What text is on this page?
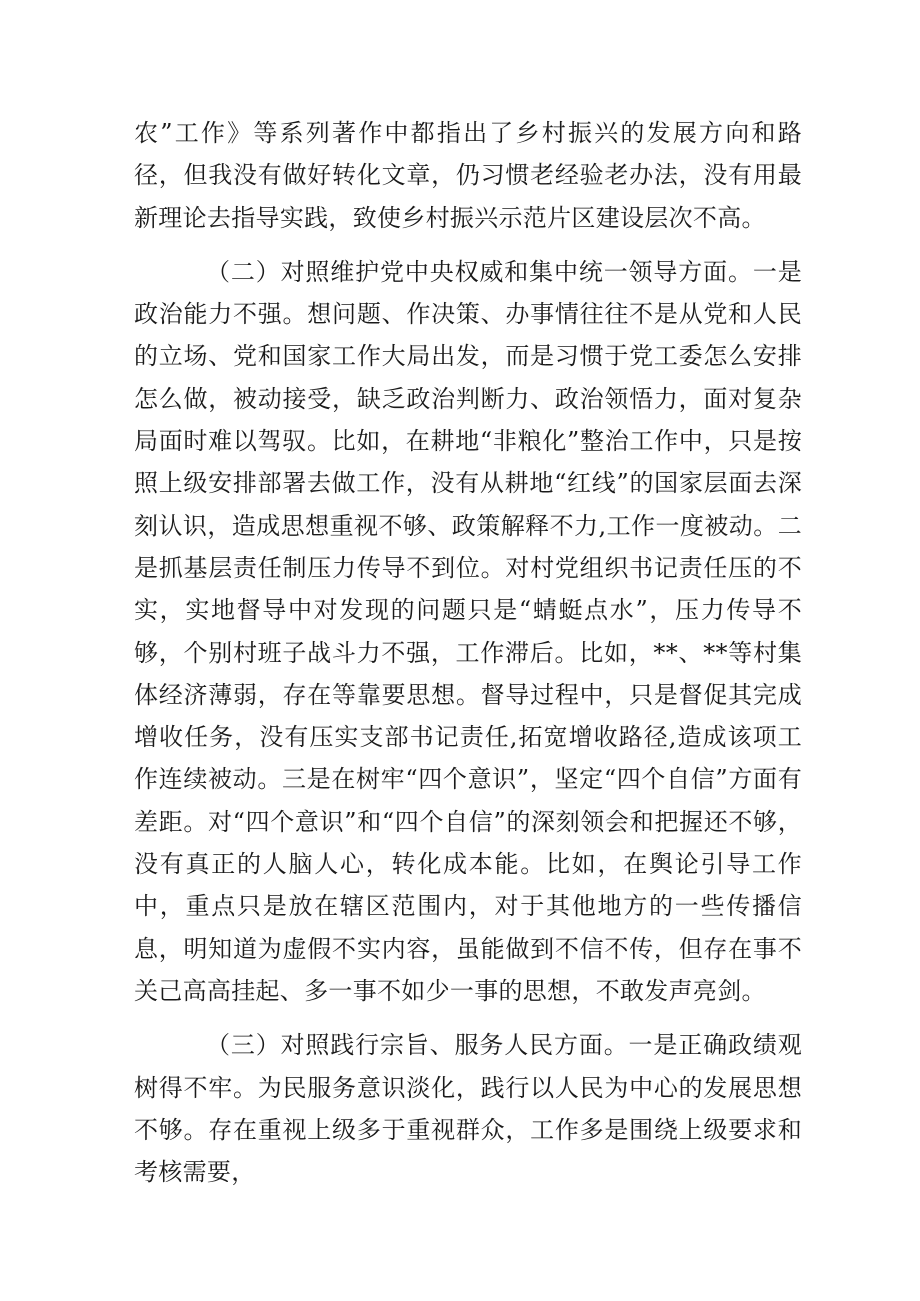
农”工作》等系列著作中都指出了乡村振兴的发展方向和路径，但我没有做好转化文章，仍习惯老经验老办法，没有用最新理论去指导实践，致使乡村振兴示范片区建设层次不高。

（二）对照维护党中央权威和集中统一领导方面。一是政治能力不强。想问题、作决策、办事情往往不是从党和人民的立场、党和国家工作大局出发，而是习惯于党工委怎么安排怎么做，被动接受，缺乏政治判断力、政治领悟力，面对复杂局面时难以驾驭。比如，在耕地“非粮化”整治工作中，只是按照上级安排部署去做工作，没有从耕地“红线”的国家层面去深刻认识，造成思想重视不够、政策解释不力,工作一度被动。二是抓基层责任制压力传导不到位。对村党组织书记责任压的不实，实地督导中对发现的问题只是“蜻蜓点水”，压力传导不够，个别村班子战斗力不强，工作滞后。比如，**、**等村集体经济薄弱，存在等靠要思想。督导过程中，只是督促其完成增收任务，没有压实支部书记责任,拓宽增收路径,造成该项工作连续被动。三是在树牢“四个意识”，坚定“四个自信”方面有差距。对“四个意识”和“四个自信”的深刻领会和把握还不够，没有真正的人脑人心，转化成本能。比如，在舆论引导工作中，重点只是放在辖区范围内，对于其他地方的一些传播信息，明知道为虚假不实内容，虽能做到不信不传，但存在事不关己高高挂起、多一事不如少一事的思想，不敢发声亮剑。

（三）对照践行宗旨、服务人民方面。一是正确政绩观树得不牢。为民服务意识淡化，践行以人民为中心的发展思想不够。存在重视上级多于重视群众，工作多是围绕上级要求和考核需要，
